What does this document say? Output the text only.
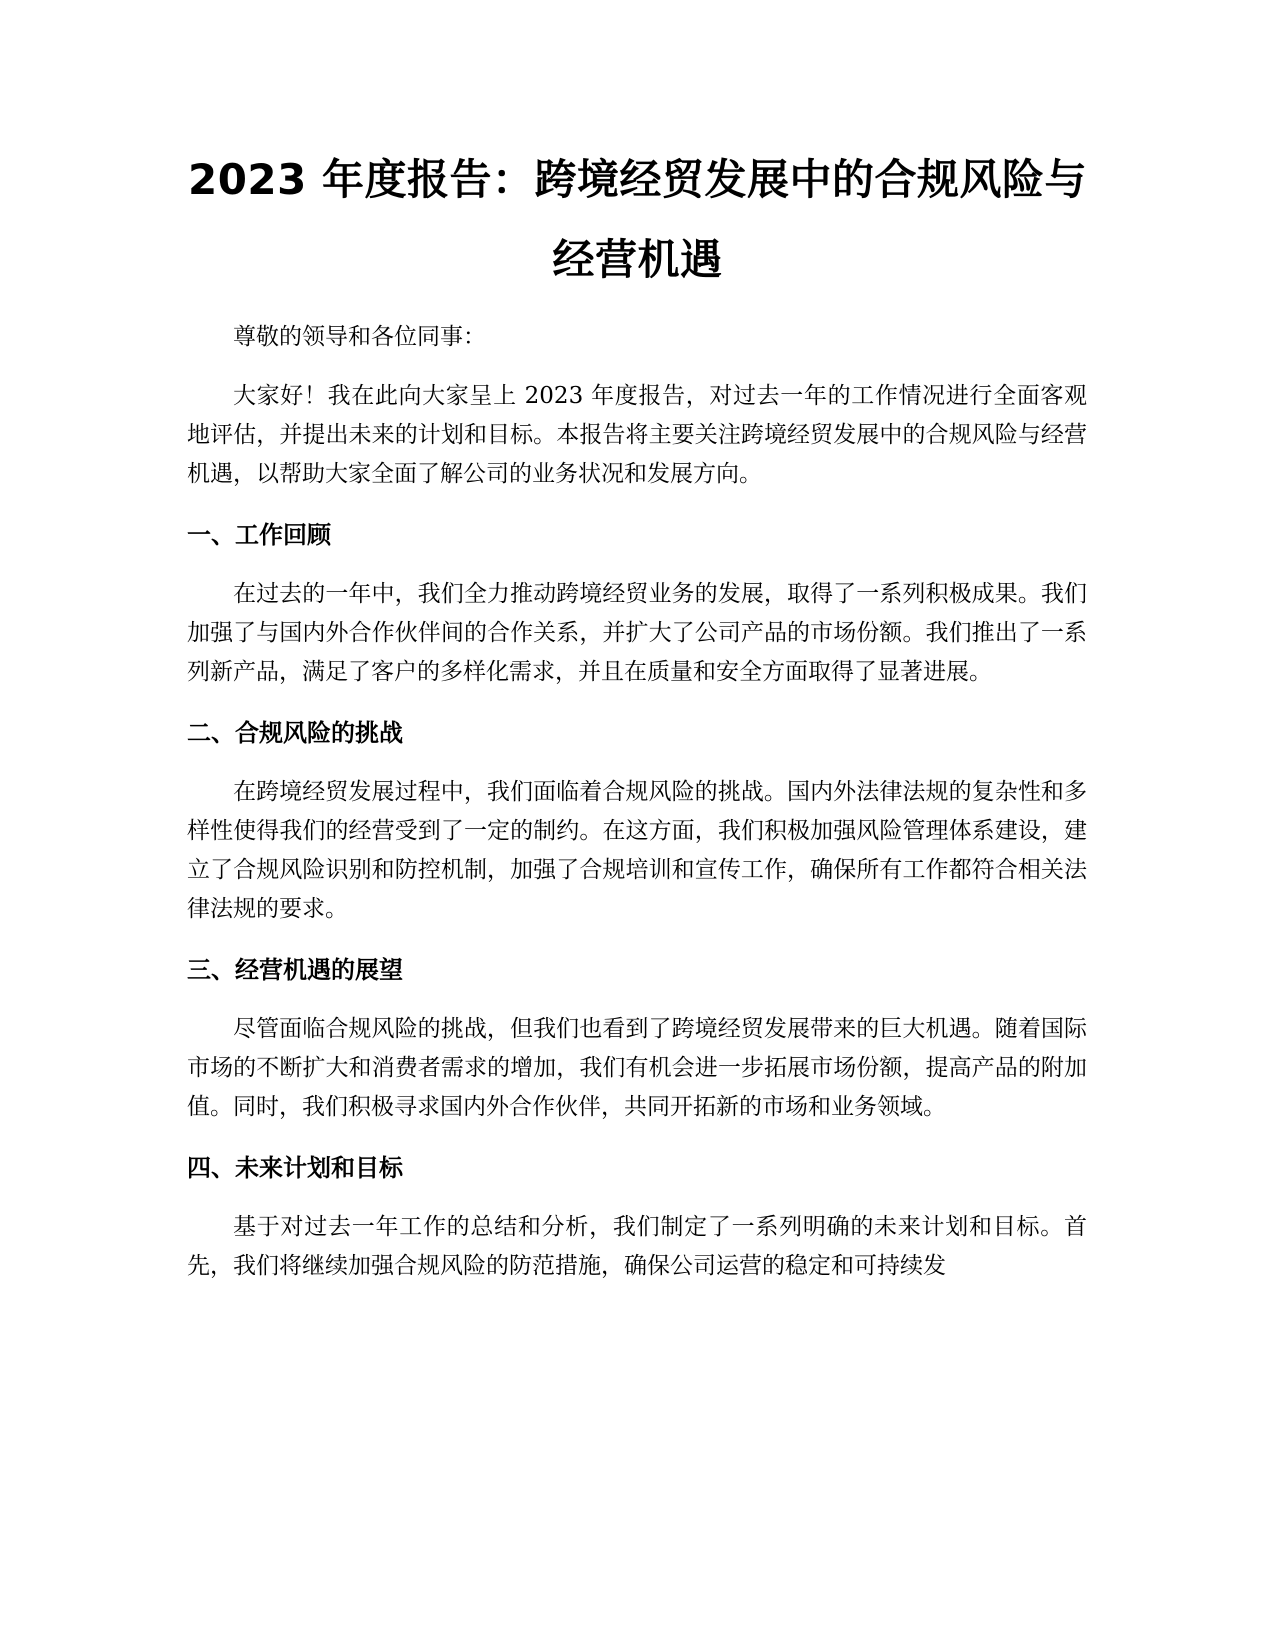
2023 年度报告：跨境经贸发展中的合规风险与经营机遇

尊敬的领导和各位同事：

大家好！我在此向大家呈上 2023 年度报告，对过去一年的工作情况进行全面客观地评估，并提出未来的计划和目标。本报告将主要关注跨境经贸发展中的合规风险与经营机遇，以帮助大家全面了解公司的业务状况和发展方向。

一、工作回顾

在过去的一年中，我们全力推动跨境经贸业务的发展，取得了一系列积极成果。我们加强了与国内外合作伙伴间的合作关系，并扩大了公司产品的市场份额。我们推出了一系列新产品，满足了客户的多样化需求，并且在质量和安全方面取得了显著进展。

二、合规风险的挑战

在跨境经贸发展过程中，我们面临着合规风险的挑战。国内外法律法规的复杂性和多样性使得我们的经营受到了一定的制约。在这方面，我们积极加强风险管理体系建设，建立了合规风险识别和防控机制，加强了合规培训和宣传工作，确保所有工作都符合相关法律法规的要求。

三、经营机遇的展望

尽管面临合规风险的挑战，但我们也看到了跨境经贸发展带来的巨大机遇。随着国际市场的不断扩大和消费者需求的增加，我们有机会进一步拓展市场份额，提高产品的附加值。同时，我们积极寻求国内外合作伙伴，共同开拓新的市场和业务领域。

四、未来计划和目标

基于对过去一年工作的总结和分析，我们制定了一系列明确的未来计划和目标。首先，我们将继续加强合规风险的防范措施，确保公司运营的稳定和可持续发
